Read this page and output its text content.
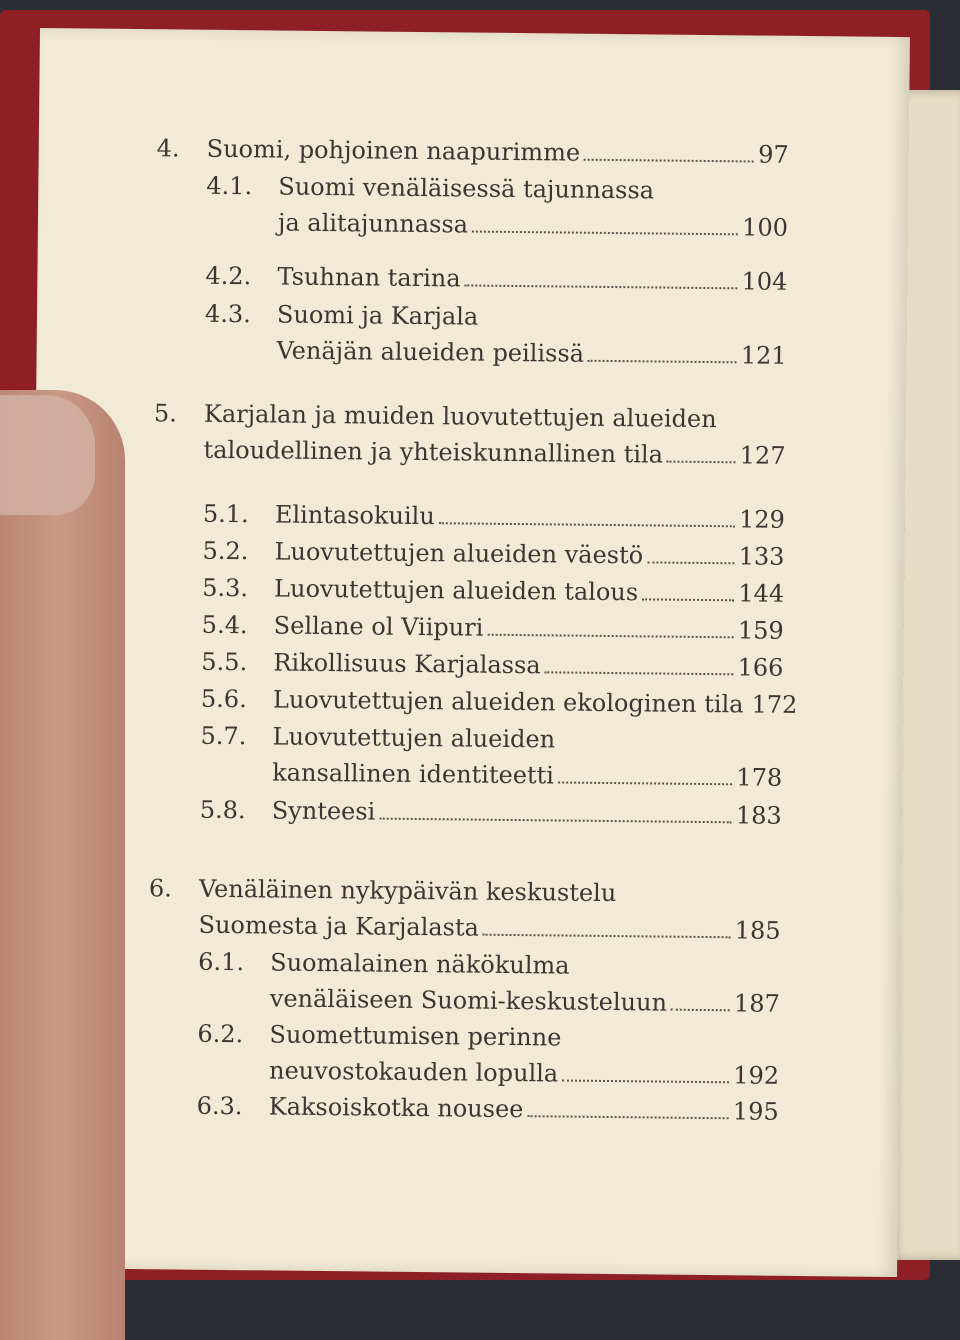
4. Suomi, pohjoinen naapurimme	97
4.1. Suomi venäläisessä tajunnassa
ja alitajunnassa	100
4.2. Tsuhnan tarina	104
4.3. Suomi ja Karjala
Venäjän alueiden peilissä	121
5. Karjalan ja muiden luovutettujen alueiden
taloudellinen ja yhteiskunnallinen tila	127
5.1. Elintasokuilu	129
5.2. Luovutettujen alueiden väestö	133
5.3. Luovutettujen alueiden talous	144
5.4. Sellane ol Viipuri	159
5.5. Rikollisuus Karjalassa	166
5.6. Luovutettujen alueiden ekologinen tila 172
5.7. Luovutettujen alueiden
kansallinen identiteetti	178
5.8. Synteesi	183
6. Venäläinen nykypäivän keskustelu
Suomesta ja Karjalasta	185
6.1. Suomalainen näkökulma
venäläiseen Suomi-keskusteluun	187
6.2. Suomettumisen perinne
neuvostokauden lopulla	192
6.3. Kaksoiskotka nousee	195
